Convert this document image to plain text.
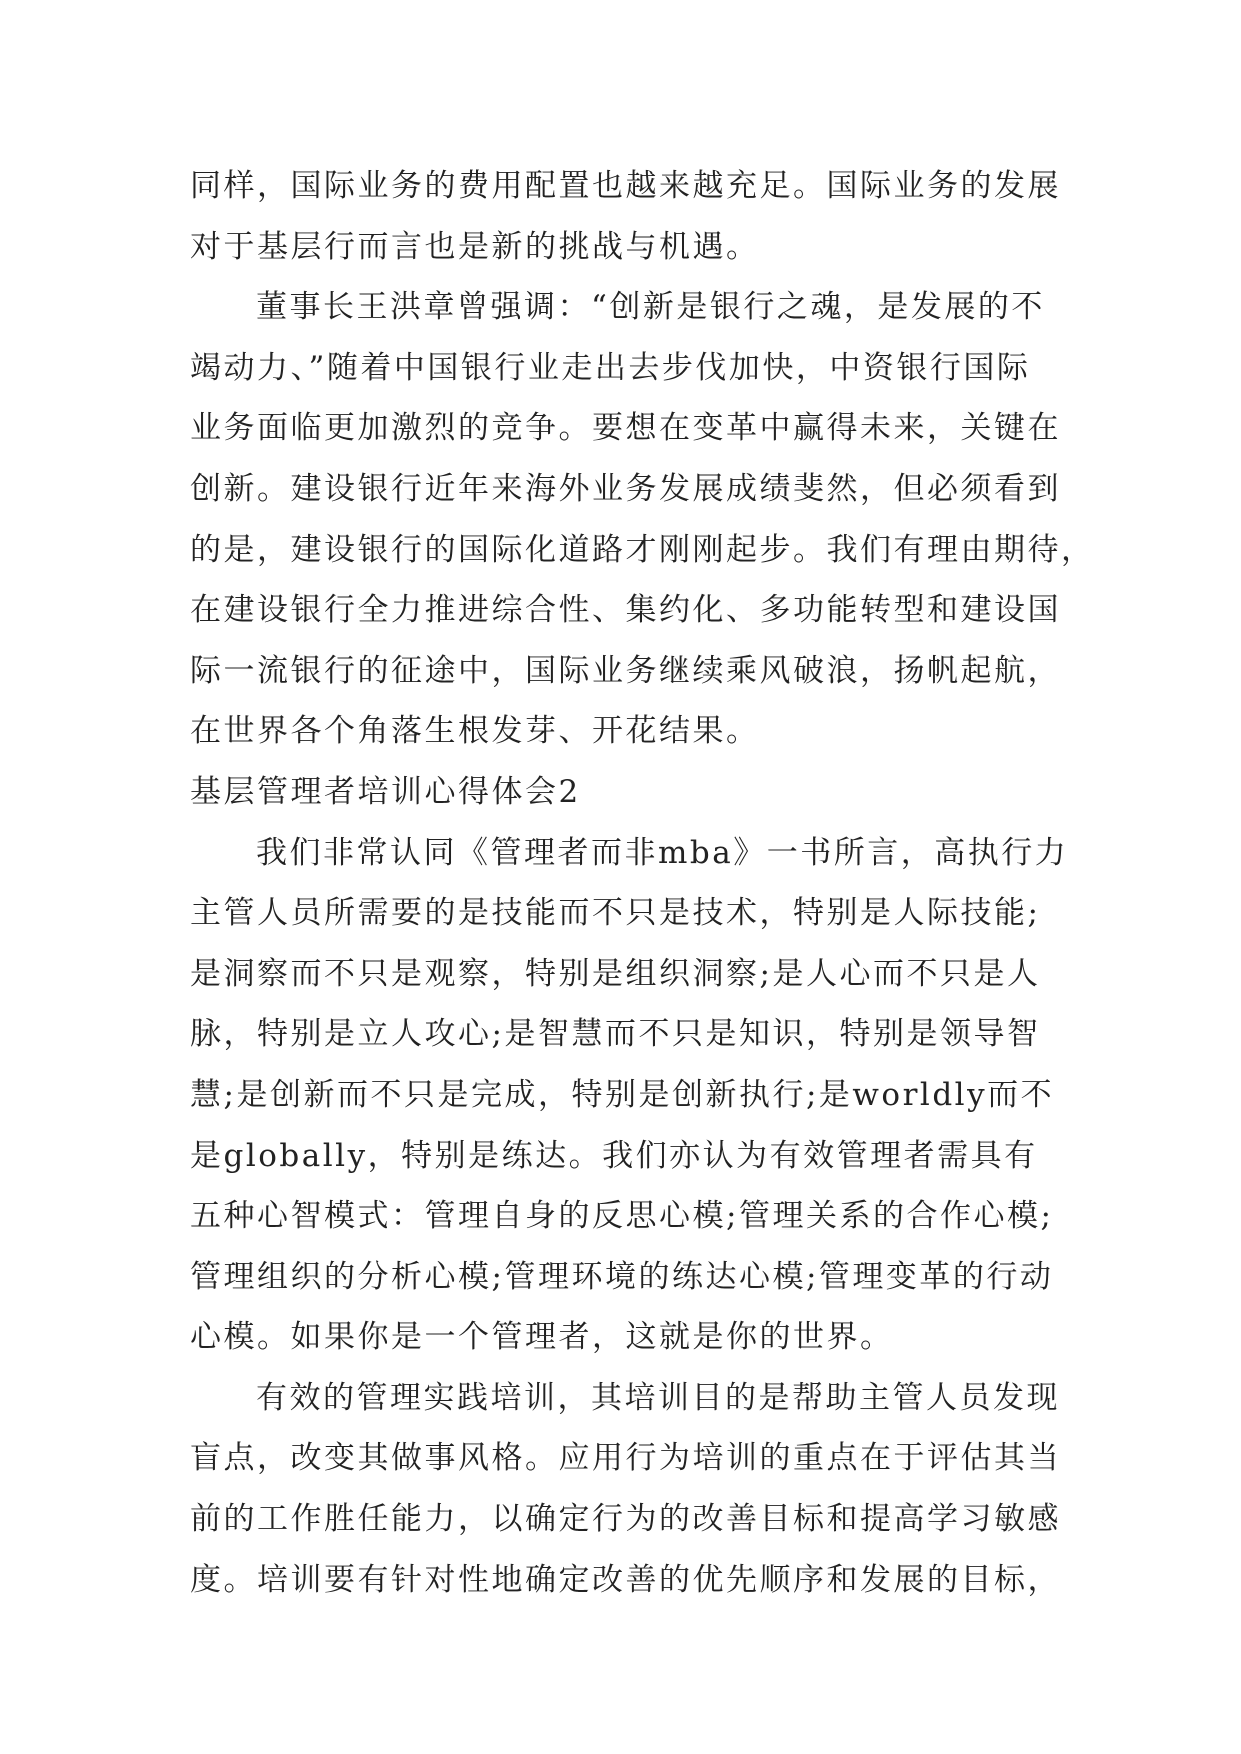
同样，国际业务的费用配置也越来越充足。国际业务的发展
对于基层行而言也是新的挑战与机遇。
董事长王洪章曾强调：“创新是银行之魂，是发展的不
竭动力、”随着中国银行业走出去步伐加快，中资银行国际
业务面临更加激烈的竞争。要想在变革中赢得未来，关键在
创新。建设银行近年来海外业务发展成绩斐然，但必须看到
的是，建设银行的国际化道路才刚刚起步。我们有理由期待，
在建设银行全力推进综合性、集约化、多功能转型和建设国
际一流银行的征途中，国际业务继续乘风破浪，扬帆起航，
在世界各个角落生根发芽、开花结果。
基层管理者培训心得体会2
我们非常认同《管理者而非mba》一书所言，高执行力
主管人员所需要的是技能而不只是技术，特别是人际技能;
是洞察而不只是观察，特别是组织洞察;是人心而不只是人
脉，特别是立人攻心;是智慧而不只是知识，特别是领导智
慧;是创新而不只是完成，特别是创新执行;是worldly而不
是globally，特别是练达。我们亦认为有效管理者需具有
五种心智模式：管理自身的反思心模;管理关系的合作心模;
管理组织的分析心模;管理环境的练达心模;管理变革的行动
心模。如果你是一个管理者，这就是你的世界。
有效的管理实践培训，其培训目的是帮助主管人员发现
盲点，改变其做事风格。应用行为培训的重点在于评估其当
前的工作胜任能力，以确定行为的改善目标和提高学习敏感
度。培训要有针对性地确定改善的优先顺序和发展的目标，
